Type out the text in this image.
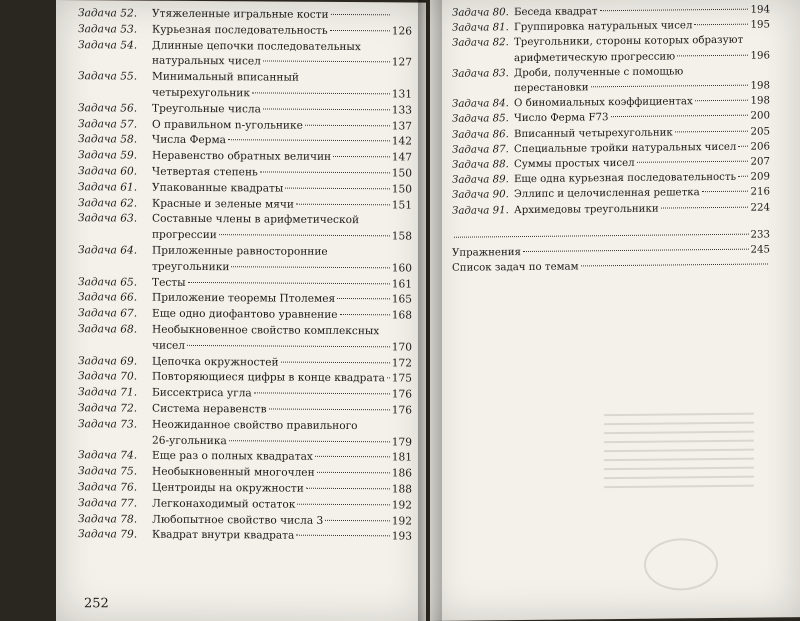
Задача 52.	Утяжеленные игральные кости
Задача 53.	Курьезная последовательность	126
Задача 54.	Длинные цепочки последовательных
натуральных чисел	127
Задача 55.	Минимальный вписанный
четырехугольник	131
Задача 56.	Треугольные числа	133
Задача 57.	О правильном n-угольнике	137
Задача 58.	Числа Ферма	142
Задача 59.	Неравенство обратных величин	147
Задача 60.	Четвертая степень	150
Задача 61.	Упакованные квадраты	150
Задача 62.	Красные и зеленые мячи	151
Задача 63.	Составные члены в арифметической
прогрессии	158
Задача 64.	Приложенные равносторонние
треугольники	160
Задача 65.	Тесты	161
Задача 66.	Приложение теоремы Птолемея	165
Задача 67.	Еще одно диофантово уравнение	168
Задача 68.	Необыкновенное свойство комплексных
чисел	170
Задача 69.	Цепочка окружностей	172
Задача 70.	Повторяющиеся цифры в конце квадрата 175
Задача 71.	Биссектриса угла	176
Задача 72.	Система неравенств	176
Задача 73.	Неожиданное свойство правильного
26-угольника	179
Задача 74.	Еще раз о полных квадратах	181
Задача 75.	Необыкновенный многочлен	186
Задача 76.	Центроиды на окружности	188
Задача 77.	Легконаходимый остаток	192
Задача 78.	Любопытное свойство числа 3	192
Задача 79.	Квадрат внутри квадрата	193
252
Задача 80. Беседа квадрат	194
Задача 81. Группировка натуральных чисел	195
Задача 82. Треугольники, стороны которых образуют
арифметическую прогрессию	196
Задача 83. Дроби, полученные с помощью
перестановки	198
Задача 84. О биномиальных коэффициентах	198
Задача 85. Число Ферма F73	200
Задача 86. Вписанный четырехугольник	205
Задача 87. Специальные тройки натуральных чисел 206
Задача 88. Суммы простых чисел	207
Задача 89. Еще одна курьезная последовательность 209
Задача 90. Эллипс и целочисленная решетка	216
Задача 91. Архимедовы треугольники	224
233
Упражнения	245
Список задач по темам
